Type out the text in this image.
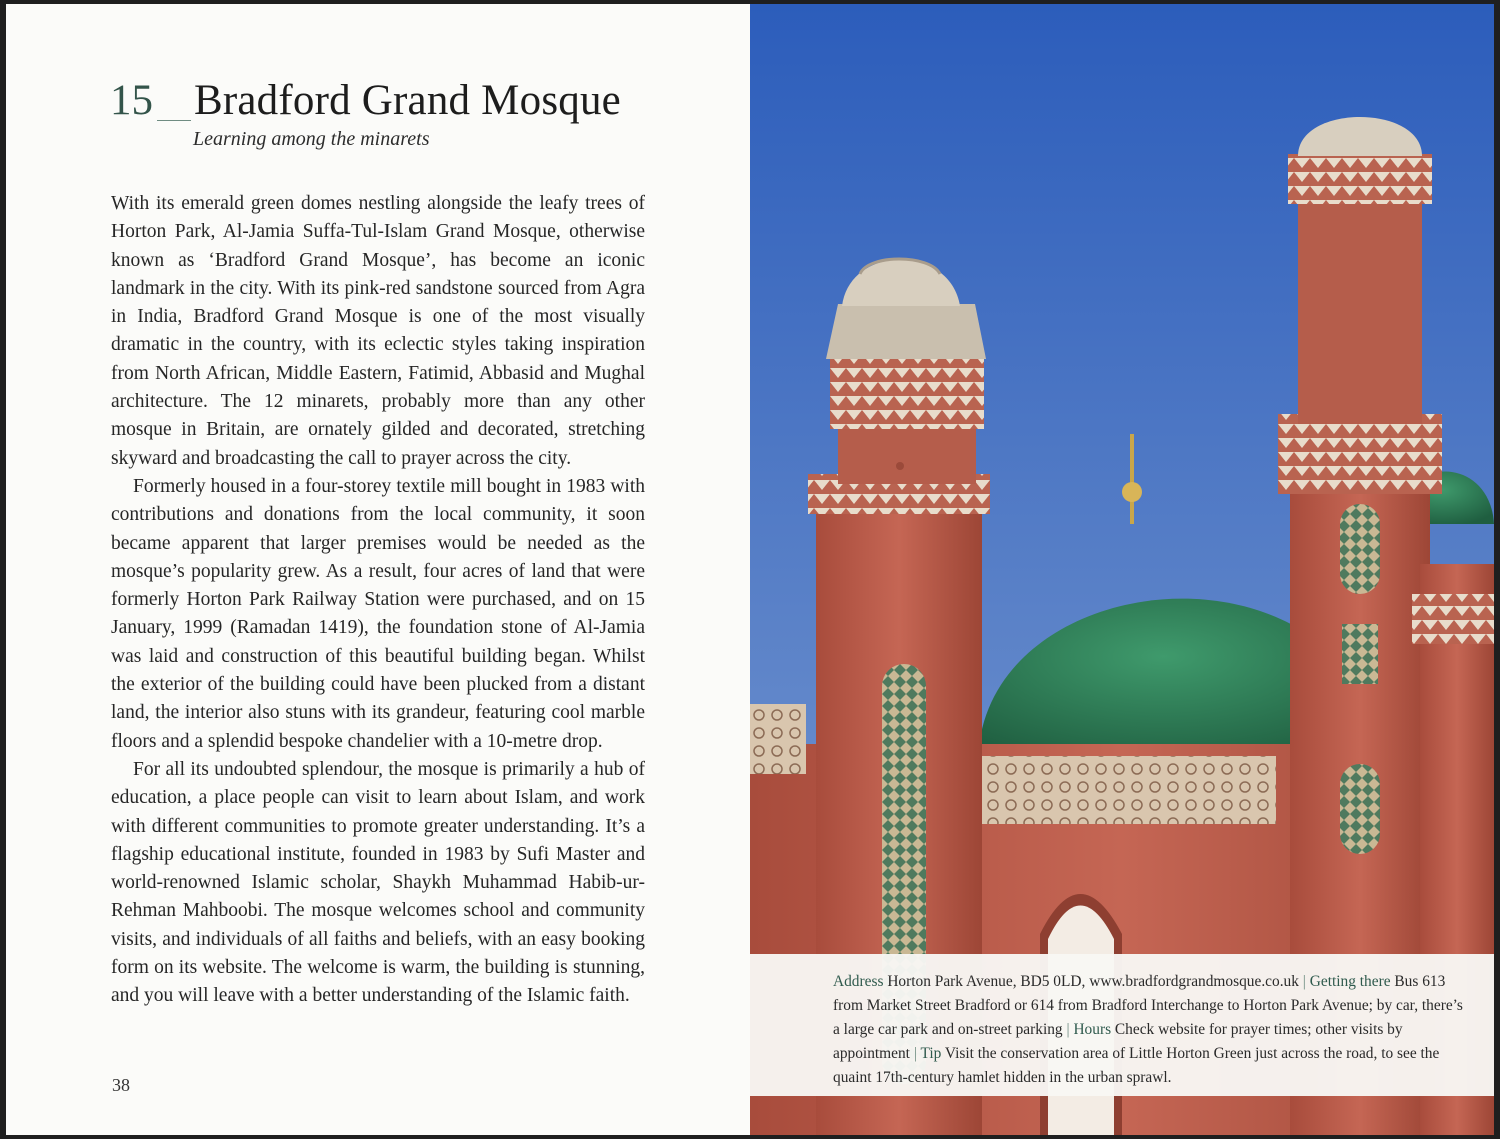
15 Bradford Grand Mosque
Learning among the minarets

With its emerald green domes nestling alongside the leafy trees of Horton Park, Al-Jamia Suffa-Tul-Islam Grand Mosque, otherwise known as ‘Bradford Grand Mosque’, has become an iconic landmark in the city. With its pink-red sandstone sourced from Agra in India, Bradford Grand Mosque is one of the most visually dramatic in the country, with its eclectic styles taking inspiration from North African, Middle Eastern, Fatimid, Abbasid and Mughal architecture. The 12 minarets, probably more than any other mosque in Britain, are ornately gilded and decorated, stretching skyward and broadcasting the call to prayer across the city.

Formerly housed in a four-storey textile mill bought in 1983 with contributions and donations from the local community, it soon became apparent that larger premises would be needed as the mosque’s popularity grew. As a result, four acres of land that were formerly Horton Park Railway Station were purchased, and on 15 January, 1999 (Ramadan 1419), the foundation stone of Al-Jamia was laid and construction of this beautiful building began. Whilst the exterior of the building could have been plucked from a distant land, the interior also stuns with its grandeur, featuring cool marble floors and a splendid bespoke chandelier with a 10-metre drop.

For all its undoubted splendour, the mosque is primarily a hub of education, a place people can visit to learn about Islam, and work with different communities to promote greater understanding. It’s a flagship educational institute, founded in 1983 by Sufi Master and world-renowned Islamic scholar, Shaykh Muhammad Habib-ur-Rehman Mahboobi. The mosque welcomes school and community visits, and individuals of all faiths and beliefs, with an easy booking form on its website. The welcome is warm, the building is stunning, and you will leave with a better understanding of the Islamic faith.

38
Address Horton Park Avenue, BD5 0LD, www.bradfordgrandmosque.co.uk | Getting there Bus 613 from Market Street Bradford or 614 from Bradford Interchange to Horton Park Avenue; by car, there’s a large car park and on-street parking | Hours Check website for prayer times; other visits by appointment | Tip Visit the conservation area of Little Horton Green just across the road, to see the quaint 17th-century hamlet hidden in the urban sprawl.
